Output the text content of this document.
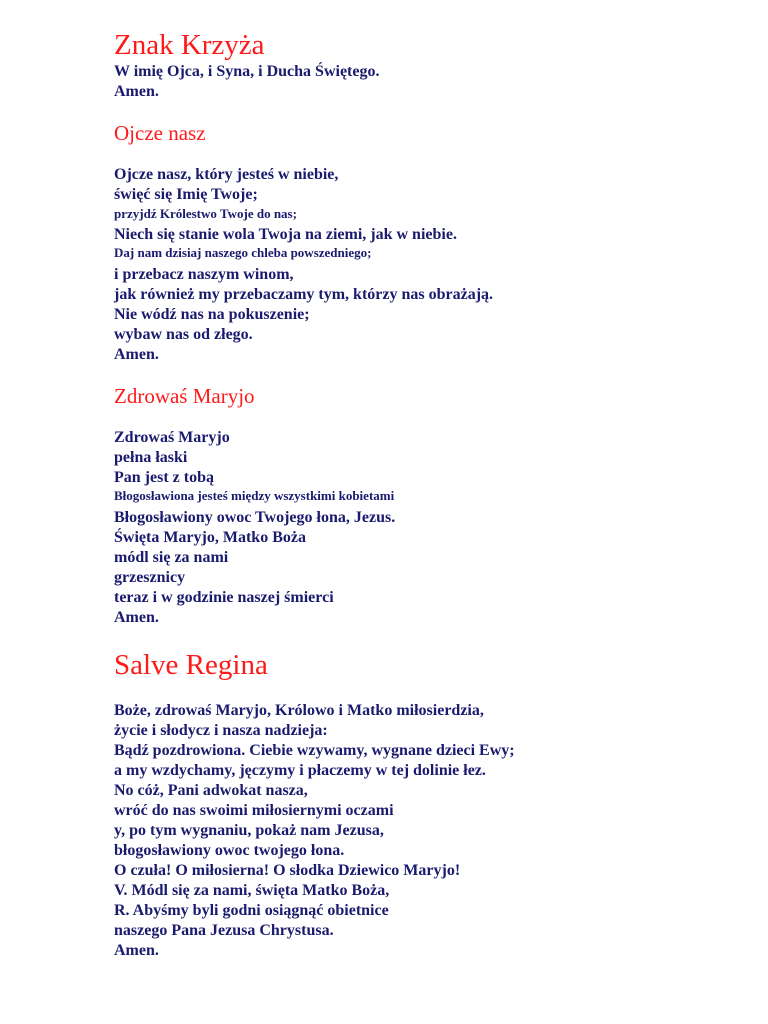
Znak Krzyża
W imię Ojca, i Syna, i Ducha Świętego.
Amen.
Ojcze nasz
Ojcze nasz, który jesteś w niebie,
święć się Imię Twoje;
przyjdź Królestwo Twoje do nas;
Niech się stanie wola Twoja na ziemi, jak w niebie.
Daj nam dzisiaj naszego chleba powszedniego;
i przebacz naszym winom,
jak również my przebaczamy tym, którzy nas obrażają.
Nie wódź nas na pokuszenie;
wybaw nas od złego.
Amen.
Zdrowaś Maryjo
Zdrowaś Maryjo
pełna łaski
Pan jest z tobą
Błogosławiona jesteś między wszystkimi kobietami
Błogosławiony owoc Twojego łona, Jezus.
Święta Maryjo, Matko Boża
módl się za nami
grzesznicy
teraz i w godzinie naszej śmierci
Amen.
Salve Regina
Boże, zdrowaś Maryjo, Królowo i Matko miłosierdzia,
życie i słodycz i nasza nadzieja:
Bądź pozdrowiona. Ciebie wzywamy, wygnane dzieci Ewy;
a my wzdychamy, jęczymy i płaczemy w tej dolinie łez.
No cóż, Pani adwokat nasza,
wróć do nas swoimi miłosiernymi oczami
y, po tym wygnaniu, pokaż nam Jezusa,
błogosławiony owoc twojego łona.
O czuła! O miłosierna! O słodka Dziewico Maryjo!
V. Módl się za nami, święta Matko Boża,
R. Abyśmy byli godni osiągnąć obietnice
naszego Pana Jezusa Chrystusa.
Amen.
